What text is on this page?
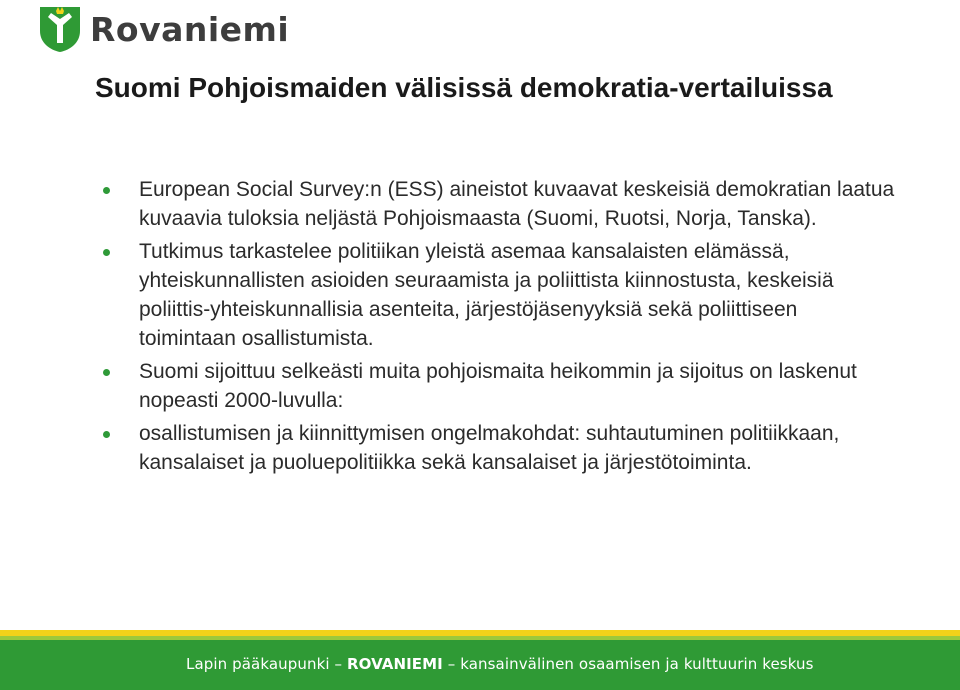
Rovaniemi
Suomi Pohjoismaiden välisissä demokratia-vertailuissa
European Social Survey:n (ESS) aineistot kuvaavat keskeisiä demokratian laatua kuvaavia tuloksia neljästä Pohjoismaasta (Suomi, Ruotsi, Norja, Tanska).
Tutkimus tarkastelee politiikan yleistä asemaa kansalaisten elämässä, yhteiskunnallisten asioiden seuraamista ja poliittista kiinnostusta, keskeisiä poliittis-yhteiskunnallisia asenteita, järjestöjäsenyyksiä sekä poliittiseen toimintaan osallistumista.
Suomi sijoittuu selkeästi muita pohjoismaita heikommin ja sijoitus on laskenut nopeasti 2000-luvulla:
osallistumisen ja kiinnittymisen ongelmakohdat: suhtautuminen politiikkaan, kansalaiset ja puoluepolitiikka sekä kansalaiset ja järjestötoiminta.
Lapin pääkaupunki – ROVANIEMI – kansainvälinen osaamisen ja kulttuurin keskus
